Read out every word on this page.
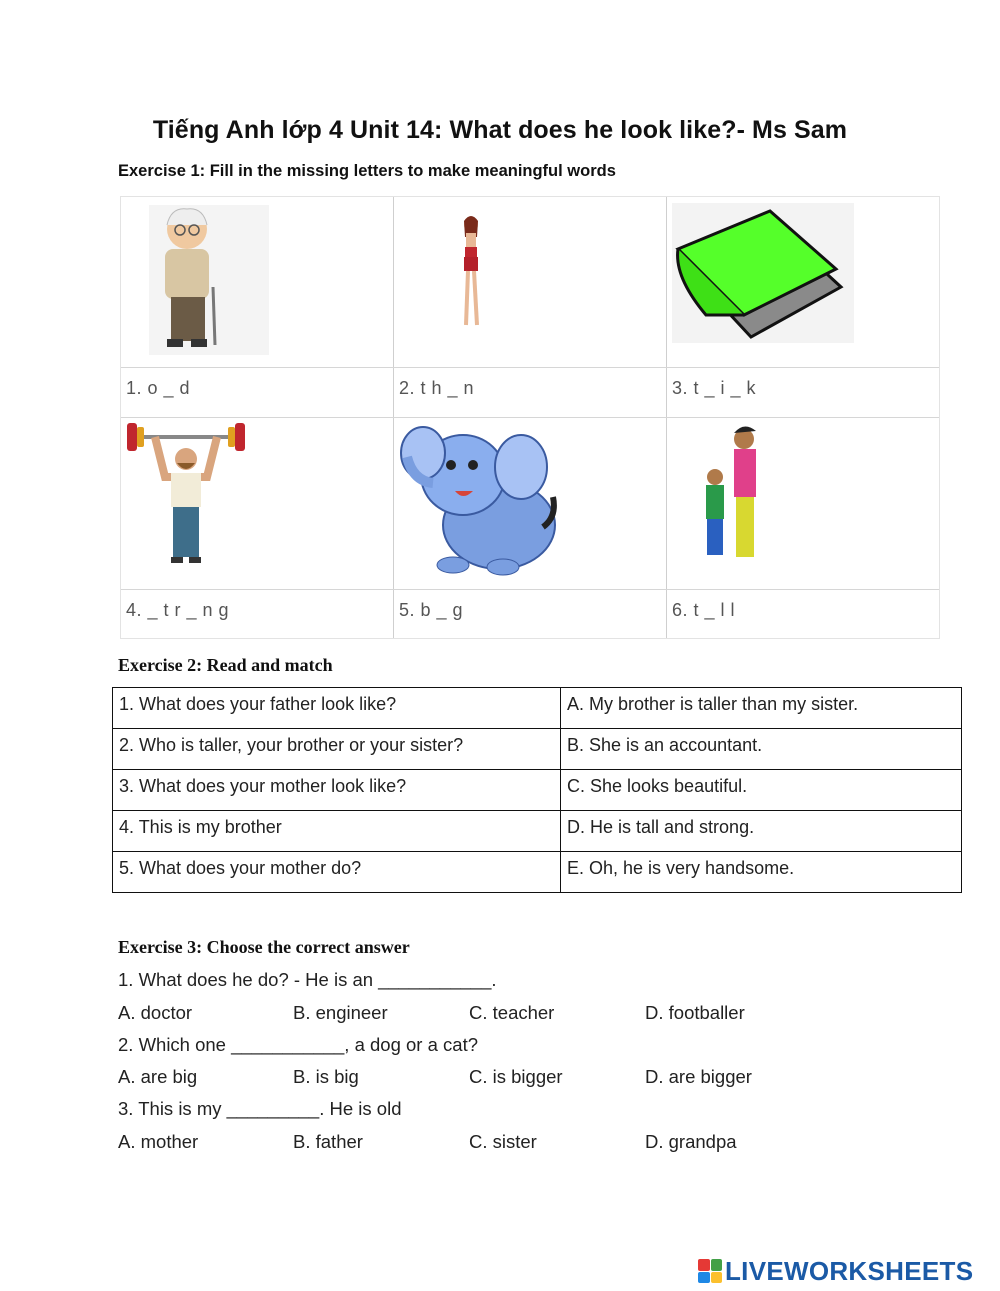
Tiếng Anh lớp 4 Unit 14: What does he look like?- Ms Sam
Exercise 1: Fill in the missing letters to make meaningful words
1. o _ d	2. t h _ n	3. t _ i _ k
4. _ t r _ n g	5. b _ g	6. t _ l l
Exercise 2: Read and match
1. What does your father look like?	A. My brother is taller than my sister.
2. Who is taller, your brother or your sister?	B. She is an accountant.
3. What does your mother look like?	C. She looks beautiful.
4. This is my brother	D. He is tall and strong.
5. What does your mother do?	E. Oh, he is very handsome.
Exercise 3: Choose the correct answer
1. What does he do? - He is an ___________.
A. doctor	B. engineer	C. teacher	D. footballer
2. Which one ___________, a dog or a cat?
A. are big	B. is big	C. is bigger	D. are bigger
3. This is my _________. He is old
A. mother	B. father	C. sister	D. grandpa
LIVEWORKSHEETS
